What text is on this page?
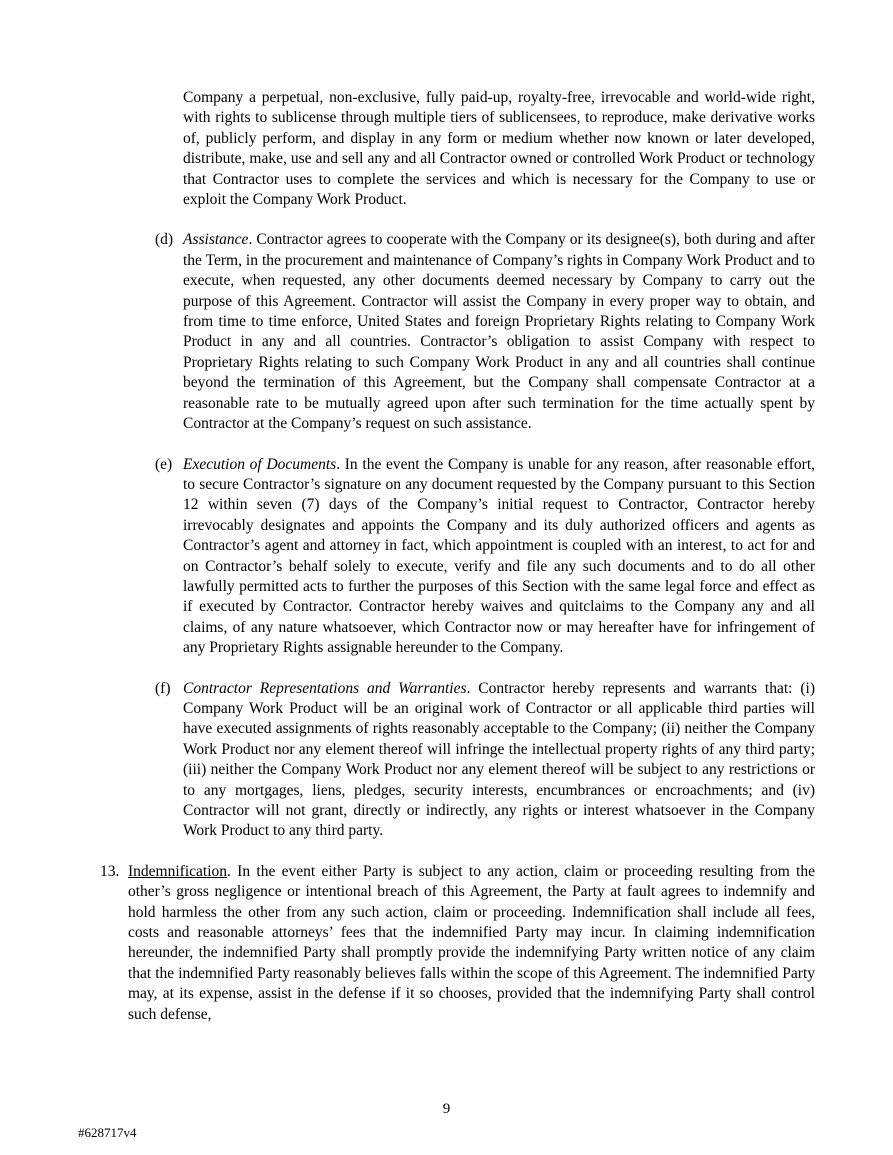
Company a perpetual, non-exclusive, fully paid-up, royalty-free, irrevocable and world-wide right, with rights to sublicense through multiple tiers of sublicensees, to reproduce, make derivative works of, publicly perform, and display in any form or medium whether now known or later developed, distribute, make, use and sell any and all Contractor owned or controlled Work Product or technology that Contractor uses to complete the services and which is necessary for the Company to use or exploit the Company Work Product.

(d) Assistance. Contractor agrees to cooperate with the Company or its designee(s), both during and after the Term, in the procurement and maintenance of Company’s rights in Company Work Product and to execute, when requested, any other documents deemed necessary by Company to carry out the purpose of this Agreement. Contractor will assist the Company in every proper way to obtain, and from time to time enforce, United States and foreign Proprietary Rights relating to Company Work Product in any and all countries. Contractor’s obligation to assist Company with respect to Proprietary Rights relating to such Company Work Product in any and all countries shall continue beyond the termination of this Agreement, but the Company shall compensate Contractor at a reasonable rate to be mutually agreed upon after such termination for the time actually spent by Contractor at the Company’s request on such assistance.

(e) Execution of Documents. In the event the Company is unable for any reason, after reasonable effort, to secure Contractor’s signature on any document requested by the Company pursuant to this Section 12 within seven (7) days of the Company’s initial request to Contractor, Contractor hereby irrevocably designates and appoints the Company and its duly authorized officers and agents as Contractor’s agent and attorney in fact, which appointment is coupled with an interest, to act for and on Contractor’s behalf solely to execute, verify and file any such documents and to do all other lawfully permitted acts to further the purposes of this Section with the same legal force and effect as if executed by Contractor. Contractor hereby waives and quitclaims to the Company any and all claims, of any nature whatsoever, which Contractor now or may hereafter have for infringement of any Proprietary Rights assignable hereunder to the Company.

(f) Contractor Representations and Warranties. Contractor hereby represents and warrants that: (i) Company Work Product will be an original work of Contractor or all applicable third parties will have executed assignments of rights reasonably acceptable to the Company; (ii) neither the Company Work Product nor any element thereof will infringe the intellectual property rights of any third party; (iii) neither the Company Work Product nor any element thereof will be subject to any restrictions or to any mortgages, liens, pledges, security interests, encumbrances or encroachments; and (iv) Contractor will not grant, directly or indirectly, any rights or interest whatsoever in the Company Work Product to any third party.

13. Indemnification. In the event either Party is subject to any action, claim or proceeding resulting from the other’s gross negligence or intentional breach of this Agreement, the Party at fault agrees to indemnify and hold harmless the other from any such action, claim or proceeding. Indemnification shall include all fees, costs and reasonable attorneys’ fees that the indemnified Party may incur. In claiming indemnification hereunder, the indemnified Party shall promptly provide the indemnifying Party written notice of any claim that the indemnified Party reasonably believes falls within the scope of this Agreement. The indemnified Party may, at its expense, assist in the defense if it so chooses, provided that the indemnifying Party shall control such defense,

9
#628717v4
